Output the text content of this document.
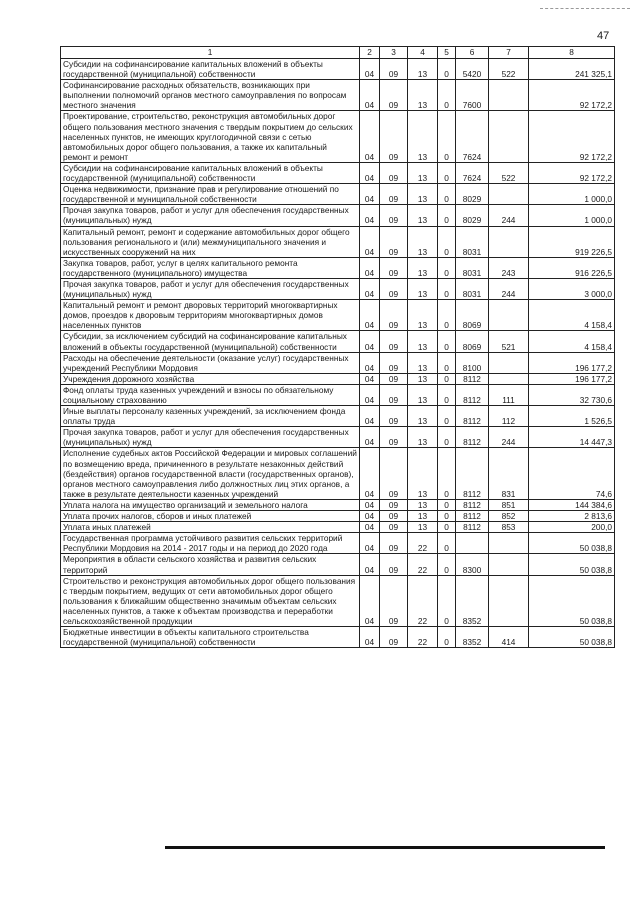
47
1	2	3	4	5	6	7	8
Субсидии на софинансирование капитальных вложений в объекты государственной (муниципальной) собственности	04	09	13	0	5420	522	241 325,1
Софинансирование расходных обязательств, возникающих при выполнении полномочий органов местного самоуправления по вопросам местного значения	04	09	13	0	7600		92 172,2
Проектирование, строительство, реконструкция автомобильных дорог общего пользования местного значения с твердым покрытием до сельских населенных пунктов, не имеющих круглогодичной связи с сетью автомобильных дорог общего пользования, а также их капитальный ремонт и ремонт	04	09	13	0	7624		92 172,2
Субсидии на софинансирование капитальных вложений в объекты государственной (муниципальной) собственности	04	09	13	0	7624	522	92 172,2
Оценка недвижимости, признание прав и регулирование отношений по государственной и муниципальной собственности	04	09	13	0	8029		1 000,0
Прочая закупка товаров, работ и услуг для обеспечения государственных (муниципальных) нужд	04	09	13	0	8029	244	1 000,0
Капитальный ремонт, ремонт и содержание автомобильных дорог общего пользования регионального и (или) межмуниципального значения и искусственных сооружений на них	04	09	13	0	8031		919 226,5
Закупка товаров, работ, услуг в целях капитального ремонта государственного (муниципального) имущества	04	09	13	0	8031	243	916 226,5
Прочая закупка товаров, работ и услуг для обеспечения государственных (муниципальных) нужд	04	09	13	0	8031	244	3 000,0
Капитальный ремонт и ремонт дворовых территорий многоквартирных домов, проездов к дворовым территориям многоквартирных домов населенных пунктов	04	09	13	0	8069		4 158,4
Субсидии, за исключением субсидий на софинансирование капитальных вложений в объекты государственной (муниципальной) собственности	04	09	13	0	8069	521	4 158,4
Расходы на обеспечение деятельности (оказание услуг) государственных учреждений Республики Мордовия	04	09	13	0	8100		196 177,2
Учреждения дорожного хозяйства	04	09	13	0	8112		196 177,2
Фонд оплаты труда казенных учреждений и взносы по обязательному социальному страхованию	04	09	13	0	8112	111	32 730,6
Иные выплаты персоналу казенных учреждений, за исключением фонда оплаты труда	04	09	13	0	8112	112	1 526,5
Прочая закупка товаров, работ и услуг для обеспечения государственных (муниципальных) нужд	04	09	13	0	8112	244	14 447,3
Исполнение судебных актов Российской Федерации и мировых соглашений по возмещению вреда, причиненного в результате незаконных действий (бездействия) органов государственной власти (государственных органов), органов местного самоуправления либо должностных лиц этих органов, а также в результате деятельности казенных учреждений	04	09	13	0	8112	831	74,6
Уплата налога на имущество организаций и земельного налога	04	09	13	0	8112	851	144 384,6
Уплата прочих налогов, сборов и иных платежей	04	09	13	0	8112	852	2 813,6
Уплата иных платежей	04	09	13	0	8112	853	200,0
Государственная программа устойчивого развития сельских территорий Республики Мордовия на 2014 - 2017 годы и на период до 2020 года	04	09	22	0			50 038,8
Мероприятия в области сельского хозяйства и развития сельских территорий	04	09	22	0	8300		50 038,8
Строительство и реконструкция автомобильных дорог общего пользования с твердым покрытием, ведущих от сети автомобильных дорог общего пользования к ближайшим общественно значимым объектам сельских населенных пунктов, а также к объектам производства и переработки сельскохозяйственной продукции	04	09	22	0	8352		50 038,8
Бюджетные инвестиции в объекты капитального строительства государственной (муниципальной) собственности	04	09	22	0	8352	414	50 038,8
